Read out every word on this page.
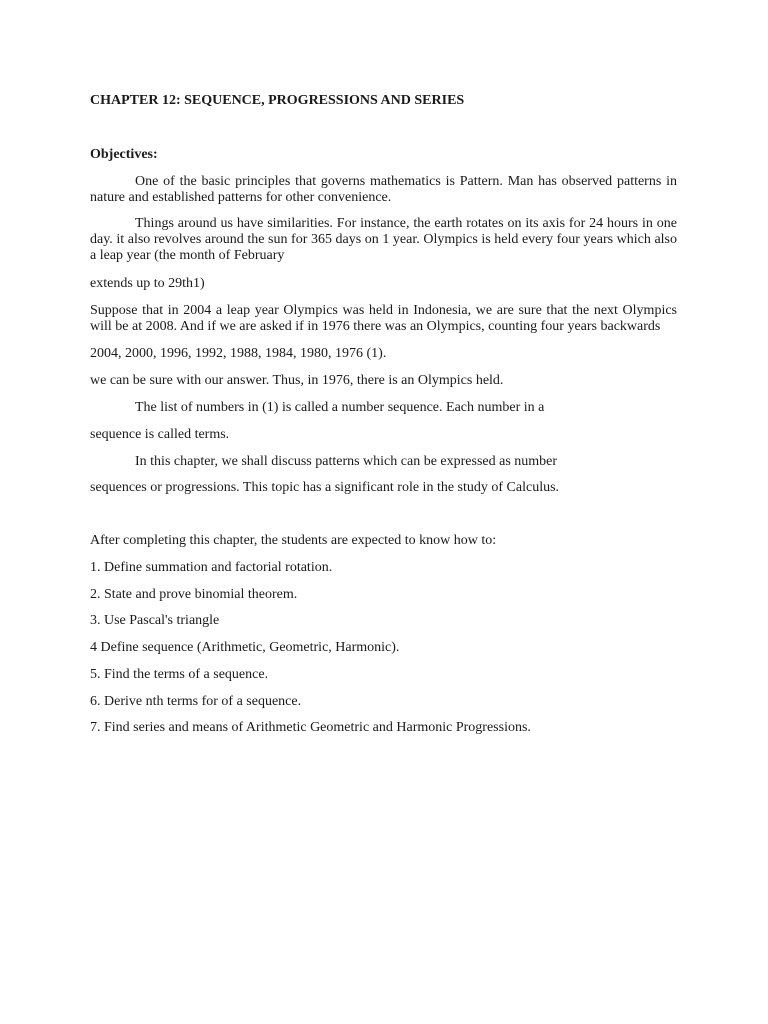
CHAPTER 12: SEQUENCE, PROGRESSIONS AND SERIES

Objectives:

One of the basic principles that governs mathematics is Pattern. Man has observed patterns in nature and established patterns for other convenience.

Things around us have similarities. For instance, the earth rotates on its axis for 24 hours in one day. it also revolves around the sun for 365 days on 1 year. Olympics is held every four years which also a leap year (the month of February

extends up to 29th1)

Suppose that in 2004 a leap year Olympics was held in Indonesia, we are sure that the next Olympics will be at 2008. And if we are asked if in 1976 there was an Olympics, counting four years backwards

2004, 2000, 1996, 1992, 1988, 1984, 1980, 1976 (1).

we can be sure with our answer. Thus, in 1976, there is an Olympics held.

The list of numbers in (1) is called a number sequence. Each number in a

sequence is called terms.

In this chapter, we shall discuss patterns which can be expressed as number

sequences or progressions. This topic has a significant role in the study of Calculus.

After completing this chapter, the students are expected to know how to:

1. Define summation and factorial rotation.

2. State and prove binomial theorem.

3. Use Pascal's triangle

4 Define sequence (Arithmetic, Geometric, Harmonic).

5. Find the terms of a sequence.

6. Derive nth terms for of a sequence.

7. Find series and means of Arithmetic Geometric and Harmonic Progressions.
